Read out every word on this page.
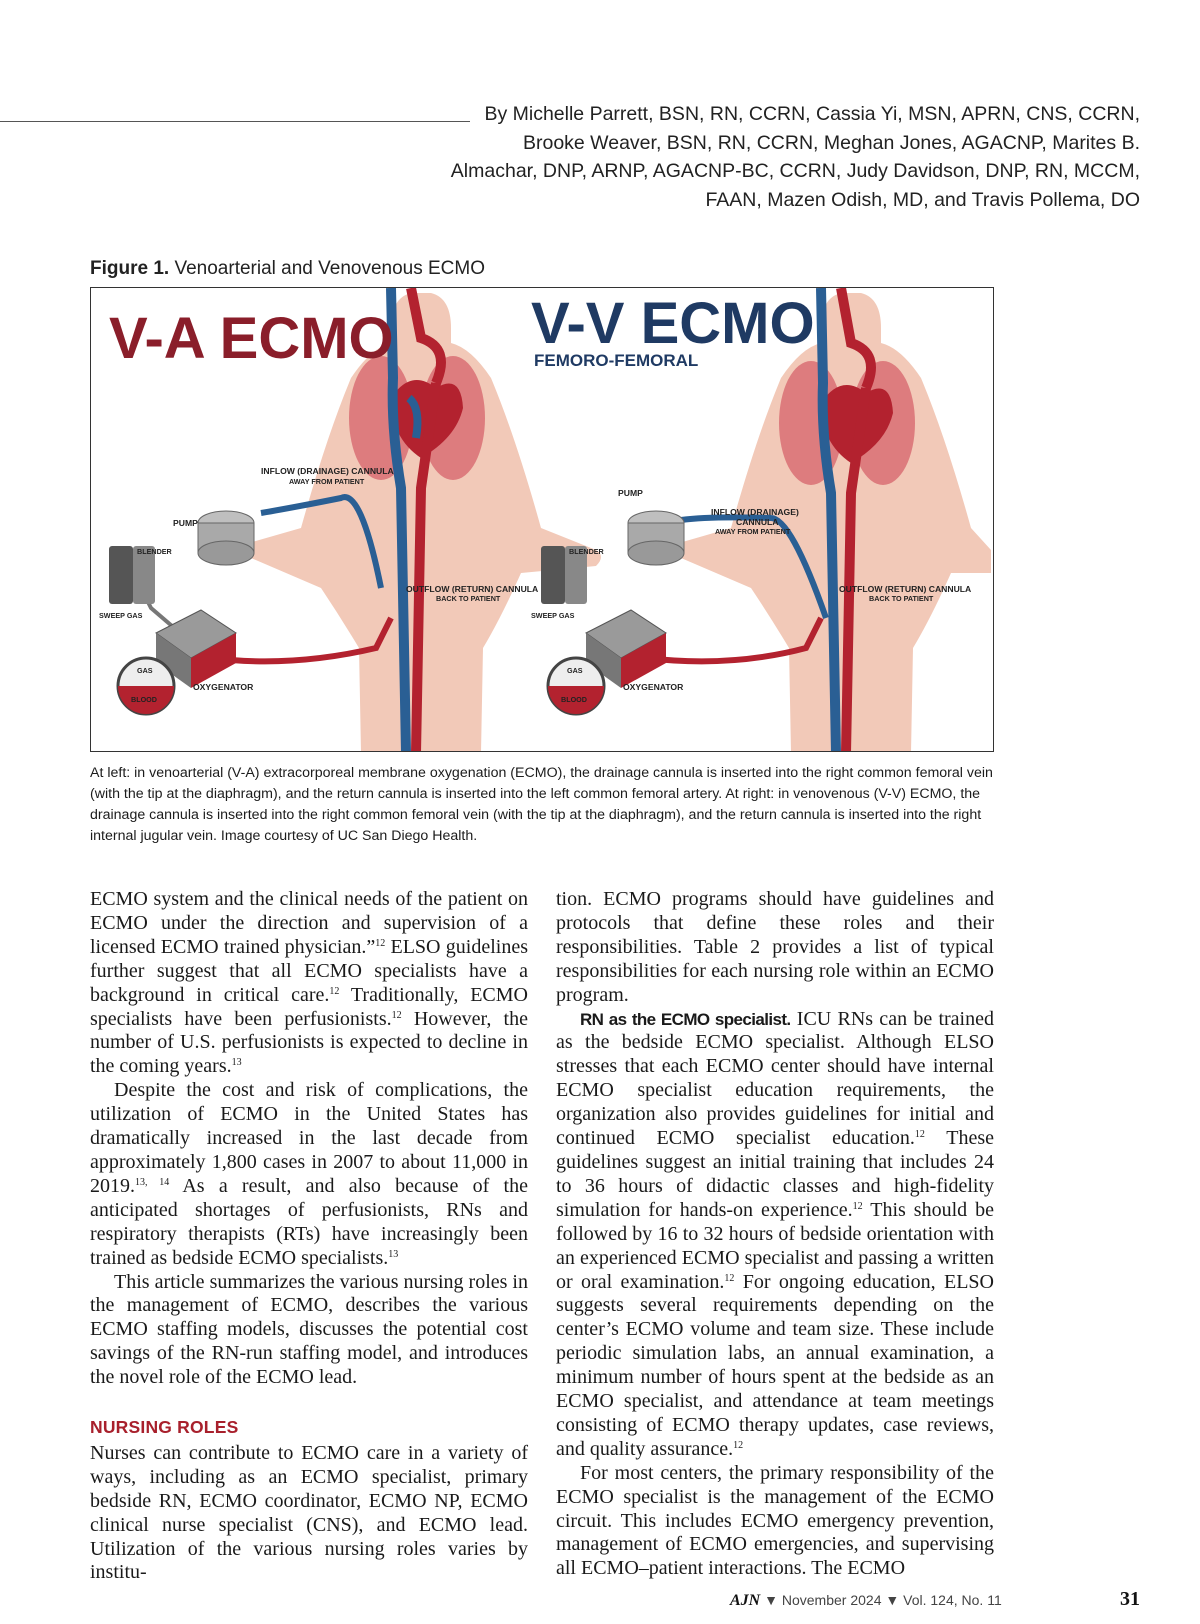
By Michelle Parrett, BSN, RN, CCRN, Cassia Yi, MSN, APRN, CNS, CCRN,
Brooke Weaver, BSN, RN, CCRN, Meghan Jones, AGACNP, Marites B.
Almachar, DNP, ARNP, AGACNP-BC, CCRN, Judy Davidson, DNP, RN, MCCM,
FAAN, Mazen Odish, MD, and Travis Pollema, DO
Figure 1. Venoarterial and Venovenous ECMO
V-A ECMO
INFLOW (DRAINAGE) CANNULA
AWAY FROM PATIENT
OUTFLOW (RETURN) CANNULA
BACK TO PATIENT
PUMP
BLENDER
SWEEP GAS
OXYGENATOR
GAS
BLOOD
V-V ECMO
FEMORO-FEMORAL
INFLOW (DRAINAGE)
CANNULA
AWAY FROM PATIENT
OUTFLOW (RETURN) CANNULA
BACK TO PATIENT
PUMP
BLENDER
SWEEP GAS
OXYGENATOR
GAS
BLOOD
At left: in venoarterial (V-A) extracorporeal membrane oxygenation (ECMO), the drainage cannula is inserted into the right common femoral vein (with the tip at the diaphragm), and the return cannula is inserted into the left common femoral artery. At right: in venovenous (V-V) ECMO, the drainage cannula is inserted into the right common femoral vein (with the tip at the diaphragm), and the return cannula is inserted into the right internal jugular vein. Image courtesy of UC San Diego Health.

ECMO system and the clinical needs of the patient on ECMO under the direction and supervision of a licensed ECMO trained physician.”$^{12}$ ELSO guidelines further suggest that all ECMO specialists have a background in critical care.$^{12}$ Traditionally, ECMO specialists have been perfusionists.$^{12}$ However, the number of U.S. perfusionists is expected to decline in the coming years.$^{13}$

Despite the cost and risk of complications, the utilization of ECMO in the United States has dramatically increased in the last decade from approximately 1,800 cases in 2007 to about 11,000 in 2019.$^{13, 14}$ As a result, and also because of the anticipated shortages of perfusionists, RNs and respiratory therapists (RTs) have increasingly been trained as bedside ECMO specialists.$^{13}$

This article summarizes the various nursing roles in the management of ECMO, describes the various ECMO staffing models, discusses the potential cost savings of the RN-run staffing model, and introduces the novel role of the ECMO lead.

NURSING ROLES

Nurses can contribute to ECMO care in a variety of ways, including as an ECMO specialist, primary bedside RN, ECMO coordinator, ECMO NP, ECMO clinical nurse specialist (CNS), and ECMO lead. Utilization of the various nursing roles varies by institu-

tion. ECMO programs should have guidelines and protocols that define these roles and their responsibilities. Table 2 provides a list of typical responsibilities for each nursing role within an ECMO program.

RN as the ECMO specialist. ICU RNs can be trained as the bedside ECMO specialist. Although ELSO stresses that each ECMO center should have internal ECMO specialist education requirements, the organization also provides guidelines for initial and continued ECMO specialist education.$^{12}$ These guidelines suggest an initial training that includes 24 to 36 hours of didactic classes and high-fidelity simulation for hands-on experience.$^{12}$ This should be followed by 16 to 32 hours of bedside orientation with an experienced ECMO specialist and passing a written or oral examination.$^{12}$ For ongoing education, ELSO suggests several requirements depending on the center’s ECMO volume and team size. These include periodic simulation labs, an annual examination, a minimum number of hours spent at the bedside as an ECMO specialist, and attendance at team meetings consisting of ECMO therapy updates, case reviews, and quality assurance.$^{12}$

For most centers, the primary responsibility of the ECMO specialist is the management of the ECMO circuit. This includes ECMO emergency prevention, management of ECMO emergencies, and supervising all ECMO–patient interactions. The ECMO

AJN ▼ November 2024 ▼ Vol. 124, No. 11	31
